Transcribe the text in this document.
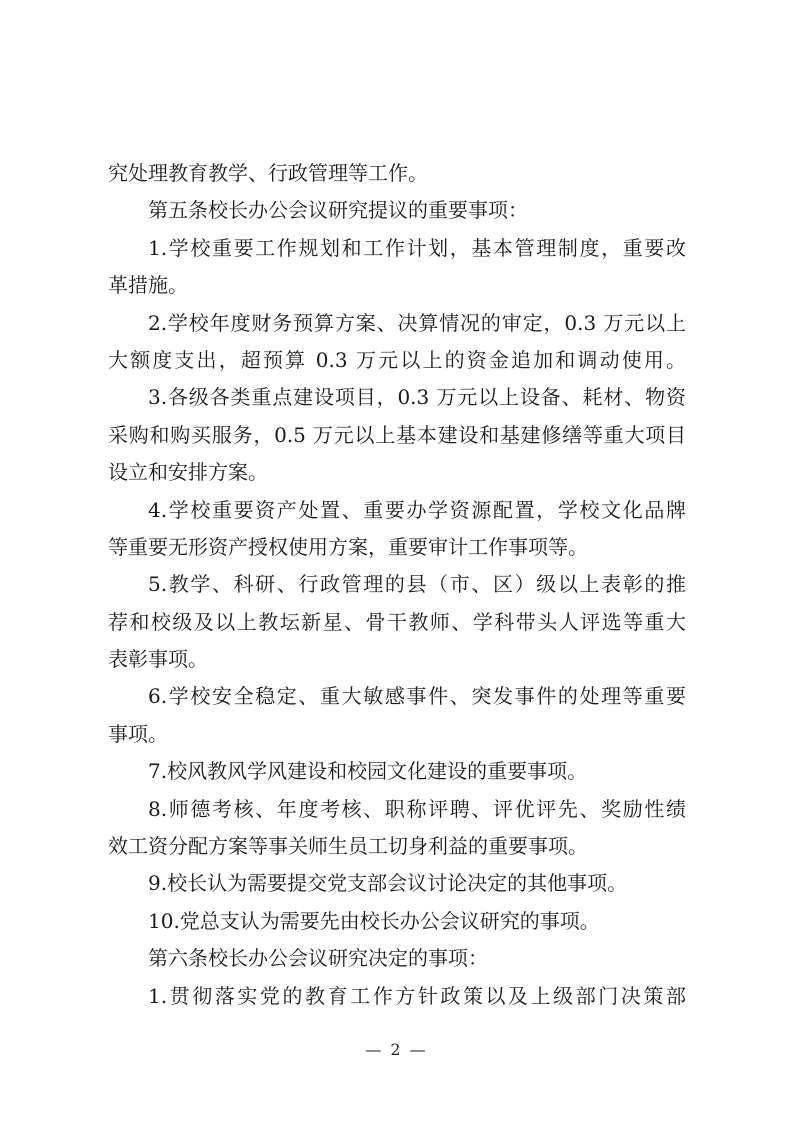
究处理教育教学、行政管理等工作。
第五条校长办公会议研究提议的重要事项：
1.学校重要工作规划和工作计划，基本管理制度，重要改
革措施。
2.学校年度财务预算方案、决算情况的审定，0.3 万元以上
大额度支出，超预算 0.3 万元以上的资金追加和调动使用。
3.各级各类重点建设项目，0.3 万元以上设备、耗材、物资
采购和购买服务，0.5 万元以上基本建设和基建修缮等重大项目
设立和安排方案。
4.学校重要资产处置、重要办学资源配置，学校文化品牌
等重要无形资产授权使用方案，重要审计工作事项等。
5.教学、科研、行政管理的县（市、区）级以上表彰的推
荐和校级及以上教坛新星、骨干教师、学科带头人评选等重大
表彰事项。
6.学校安全稳定、重大敏感事件、突发事件的处理等重要
事项。
7.校风教风学风建设和校园文化建设的重要事项。
8.师德考核、年度考核、职称评聘、评优评先、奖励性绩
效工资分配方案等事关师生员工切身利益的重要事项。
9.校长认为需要提交党支部会议讨论决定的其他事项。
10.党总支认为需要先由校长办公会议研究的事项。
第六条校长办公会议研究决定的事项：
1.贯彻落实党的教育工作方针政策以及上级部门决策部
— 2 —
